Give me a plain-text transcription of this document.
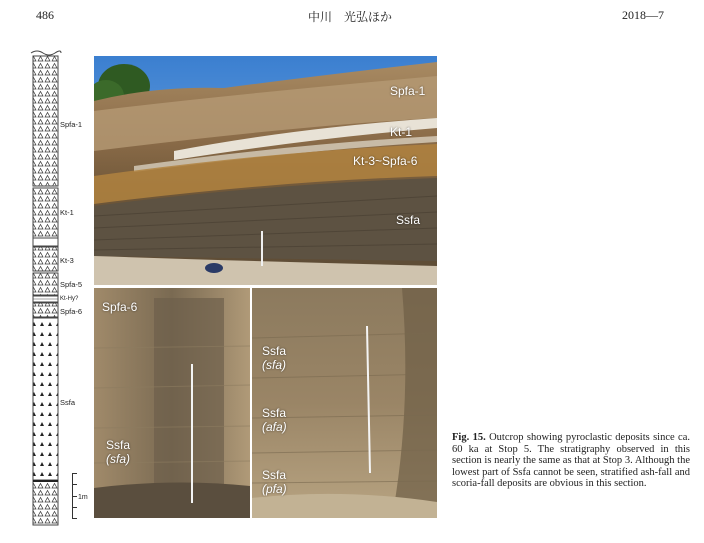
486	中川　光弘ほか	2018—7
Spfa-1
Kt-1
Kt-3
Spfa-5
Kt-Hy?
Spfa-6
Ssfa
1m
Spfa-1
Kt-1
Kt-3~Spfa-6
Ssfa
Spfa-6
Ssfa
(sfa)
Ssfa
(sfa)
Ssfa
(afa)
Ssfa
(pfa)
Fig. 15. Outcrop showing pyroclastic deposits since ca. 60 ka at Stop 5. The stratigraphy observed in this section is nearly the same as that at Stop 3. Although the lowest part of Ssfa cannot be seen, stratified ash-fall and scoria-fall deposits are obvious in this section.
